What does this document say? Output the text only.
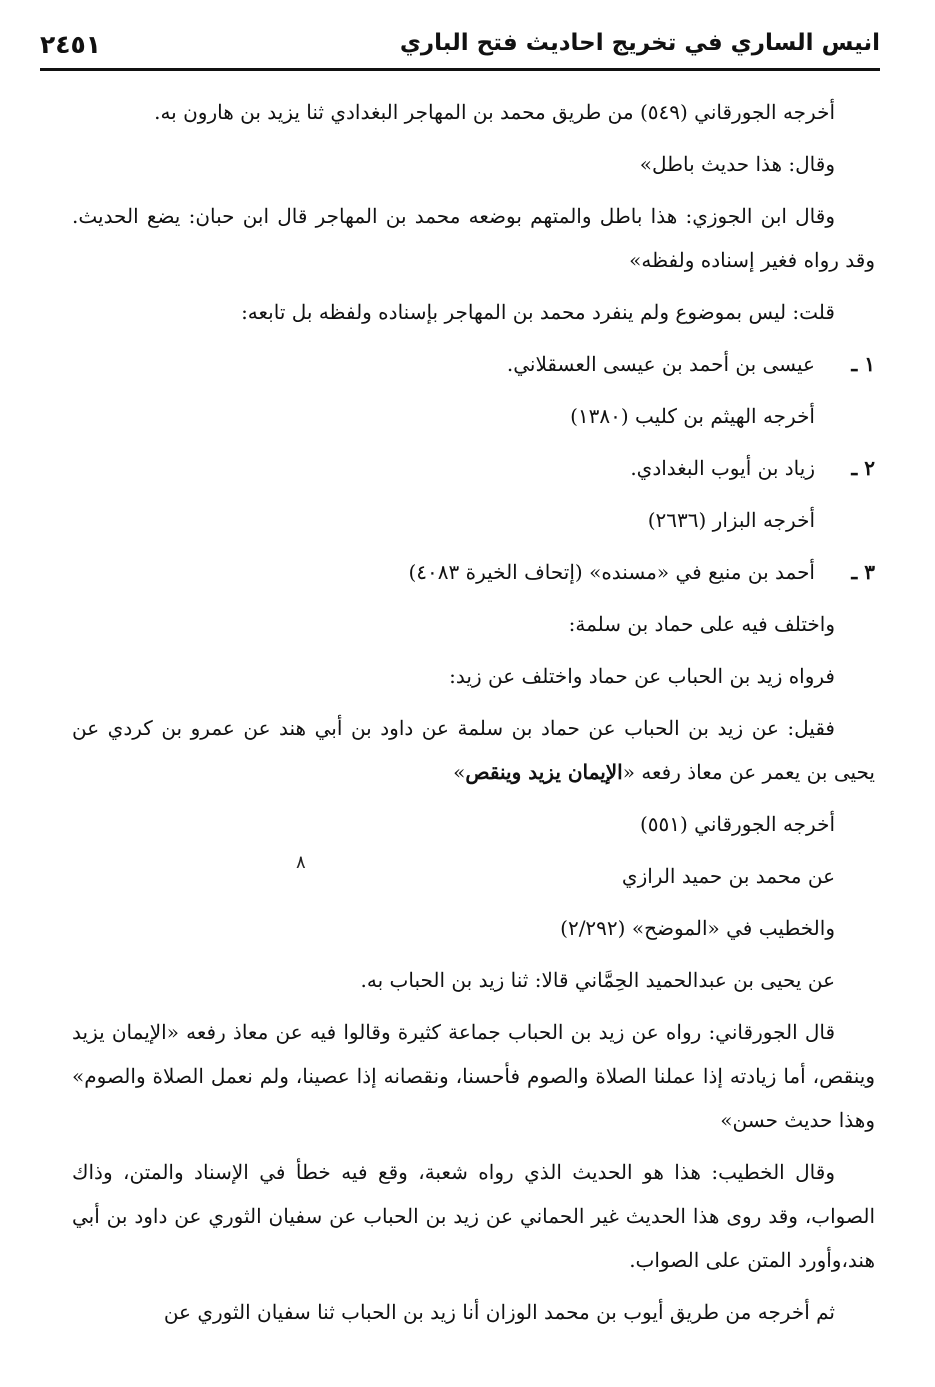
انيس الساري في تخريج احاديث فتح الباري
٢٤٥١

أخرجه الجورقاني (٥٤٩) من طريق محمد بن المهاجر البغدادي ثنا يزيد بن هارون به.

وقال: هذا حديث باطل»

وقال ابن الجوزي: هذا باطل والمتهم بوضعه محمد بن المهاجر قال ابن حبان: يضع الحديث. وقد رواه فغير إسناده ولفظه»

قلت: ليس بموضوع ولم ينفرد محمد بن المهاجر بإسناده ولفظه بل تابعه:

١ ـعيسى بن أحمد بن عيسى العسقلاني.

أخرجه الهيثم بن كليب (١٣٨٠)

٢ ـزياد بن أيوب البغدادي.

أخرجه البزار (٢٦٣٦)

٣ ـأحمد بن منيع في «مسنده» (إتحاف الخيرة ٤٠٨٣)

واختلف فيه على حماد بن سلمة:

فرواه زيد بن الحباب عن حماد واختلف عن زيد:

فقيل: عن زيد بن الحباب عن حماد بن سلمة عن داود بن أبي هند عن عمرو بن كردي عن يحيى بن يعمر عن معاذ رفعه «الإيمان يزيد وينقص»

أخرجه الجورقاني (٥٥١)

عن محمد بن حميد الرازي

والخطيب في «الموضح» (٢/٢٩٢)

عن يحيى بن عبدالحميد الحِمَّاني قالا: ثنا زيد بن الحباب به.

قال الجورقاني: رواه عن زيد بن الحباب جماعة كثيرة وقالوا فيه عن معاذ رفعه «الإيمان يزيد وينقص، أما زيادته إذا عملنا الصلاة والصوم فأحسنا، ونقصانه إذا عصينا، ولم نعمل الصلاة والصوم» وهذا حديث حسن»

وقال الخطيب: هذا هو الحديث الذي رواه شعبة، وقع فيه خطأ في الإسناد والمتن، وذاك الصواب، وقد روى هذا الحديث غير الحماني عن زيد بن الحباب عن سفيان الثوري عن داود بن أبي هند،وأورد المتن على الصواب.

ثم أخرجه من طريق أيوب بن محمد الوزان أنا زيد بن الحباب ثنا سفيان الثوري عن

٨
